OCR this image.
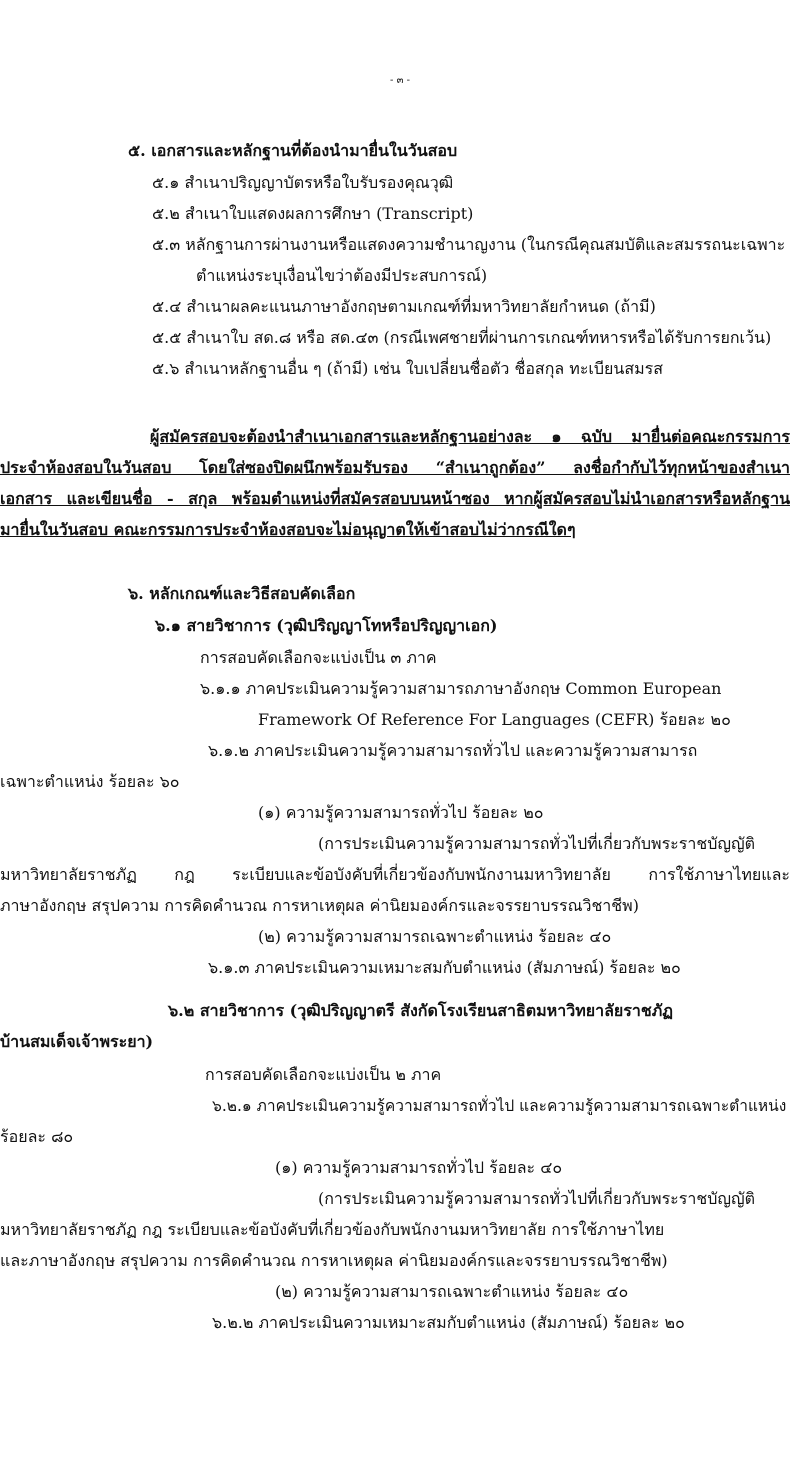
- ๓ -
๕. เอกสารและหลักฐานที่ต้องนำมายื่นในวันสอบ
๕.๑ สำเนาปริญญาบัตรหรือใบรับรองคุณวุฒิ
๕.๒ สำเนาใบแสดงผลการศึกษา (Transcript)
๕.๓ หลักฐานการผ่านงานหรือแสดงความชำนาญงาน (ในกรณีคุณสมบัติและสมรรถนะเฉพาะ
ตำแหน่งระบุเงื่อนไขว่าต้องมีประสบการณ์)
๕.๔ สำเนาผลคะแนนภาษาอังกฤษตามเกณฑ์ที่มหาวิทยาลัยกำหนด (ถ้ามี)
๕.๕ สำเนาใบ สด.๘ หรือ สด.๔๓ (กรณีเพศชายที่ผ่านการเกณฑ์ทหารหรือได้รับการยกเว้น)
๕.๖ สำเนาหลักฐานอื่น ๆ (ถ้ามี) เช่น ใบเปลี่ยนชื่อตัว ชื่อสกุล ทะเบียนสมรส
ผู้สมัครสอบจะต้องนำสำเนาเอกสารและหลักฐานอย่างละ ๑ ฉบับ มายื่นต่อคณะกรรมการ
ประจำห้องสอบในวันสอบ โดยใส่ซองปิดผนึกพร้อมรับรอง “สำเนาถูกต้อง” ลงชื่อกำกับไว้ทุกหน้าของสำเนา
เอกสาร และเขียนชื่อ - สกุล พร้อมตำแหน่งที่สมัครสอบบนหน้าซอง หากผู้สมัครสอบไม่นำเอกสารหรือหลักฐาน
มายื่นในวันสอบ คณะกรรมการประจำห้องสอบจะไม่อนุญาตให้เข้าสอบไม่ว่ากรณีใดๆ
๖. หลักเกณฑ์และวิธีสอบคัดเลือก
๖.๑ สายวิชาการ (วุฒิปริญญาโทหรือปริญญาเอก)
การสอบคัดเลือกจะแบ่งเป็น ๓ ภาค
๖.๑.๑ ภาคประเมินความรู้ความสามารถภาษาอังกฤษ Common European
Framework Of Reference For Languages (CEFR) ร้อยละ ๒๐
๖.๑.๒ ภาคประเมินความรู้ความสามารถทั่วไป และความรู้ความสามารถ
เฉพาะตำแหน่ง ร้อยละ ๖๐
(๑) ความรู้ความสามารถทั่วไป ร้อยละ ๒๐
(การประเมินความรู้ความสามารถทั่วไปที่เกี่ยวกับพระราชบัญญัติ
มหาวิทยาลัยราชภัฏ กฎ ระเบียบและข้อบังคับที่เกี่ยวข้องกับพนักงานมหาวิทยาลัย การใช้ภาษาไทยและ
ภาษาอังกฤษ สรุปความ การคิดคำนวณ การหาเหตุผล ค่านิยมองค์กรและจรรยาบรรณวิชาชีพ)
(๒) ความรู้ความสามารถเฉพาะตำแหน่ง ร้อยละ ๔๐
๖.๑.๓ ภาคประเมินความเหมาะสมกับตำแหน่ง (สัมภาษณ์) ร้อยละ ๒๐
๖.๒ สายวิชาการ (วุฒิปริญญาตรี สังกัดโรงเรียนสาธิตมหาวิทยาลัยราชภัฏ
บ้านสมเด็จเจ้าพระยา)
การสอบคัดเลือกจะแบ่งเป็น ๒ ภาค
๖.๒.๑ ภาคประเมินความรู้ความสามารถทั่วไป และความรู้ความสามารถเฉพาะตำแหน่ง
ร้อยละ ๘๐
(๑) ความรู้ความสามารถทั่วไป ร้อยละ ๔๐
(การประเมินความรู้ความสามารถทั่วไปที่เกี่ยวกับพระราชบัญญัติ
มหาวิทยาลัยราชภัฏ กฎ ระเบียบและข้อบังคับที่เกี่ยวข้องกับพนักงานมหาวิทยาลัย การใช้ภาษาไทย
และภาษาอังกฤษ สรุปความ การคิดคำนวณ การหาเหตุผล ค่านิยมองค์กรและจรรยาบรรณวิชาชีพ)
(๒) ความรู้ความสามารถเฉพาะตำแหน่ง ร้อยละ ๔๐
๖.๒.๒ ภาคประเมินความเหมาะสมกับตำแหน่ง (สัมภาษณ์) ร้อยละ ๒๐
